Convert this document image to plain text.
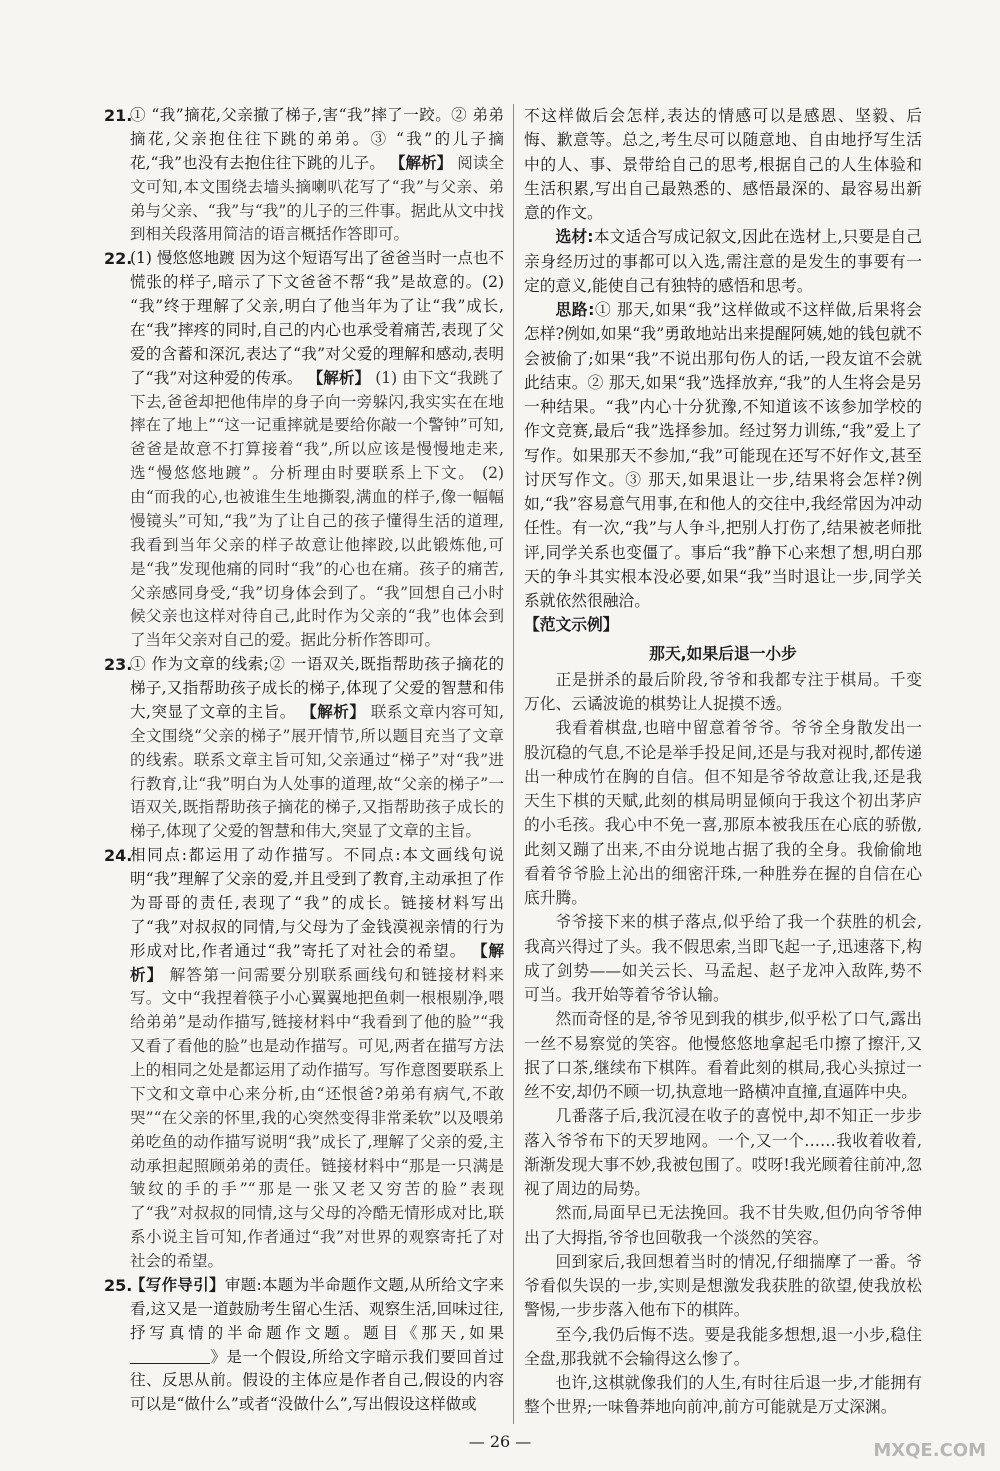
21.
① “我”摘花,父亲撤了梯子,害“我”摔了一跤。② 弟弟摘花,父亲抱住往下跳的弟弟。③ “我”的儿子摘花,“我”也没有去抱住往下跳的儿子。 【解析】 阅读全文可知,本文围绕去墙头摘喇叭花写了“我”与父亲、弟弟与父亲、“我”与“我”的儿子的三件事。据此从文中找到相关段落用简洁的语言概括作答即可。
22.
(1) 慢悠悠地踱 因为这个短语写出了爸爸当时一点也不慌张的样子,暗示了下文爸爸不帮“我”是故意的。(2) “我”终于理解了父亲,明白了他当年为了让“我”成长,在“我”摔疼的同时,自己的内心也承受着痛苦,表现了父爱的含蓄和深沉,表达了“我”对父爱的理解和感动,表明了“我”对这种爱的传承。 【解析】 (1) 由下文“我跳了下去,爸爸却把他伟岸的身子向一旁躲闪,我实实在在地摔在了地上”“这一记重摔就是要给你敲一个警钟”可知,爸爸是故意不打算接着“我”,所以应该是慢慢地走来,选“慢悠悠地踱”。分析理由时要联系上下文。 (2) 由“而我的心,也被谁生生地撕裂,满血的样子,像一幅幅慢镜头”可知,“我”为了让自己的孩子懂得生活的道理,我看到当年父亲的样子故意让他摔跤,以此锻炼他,可是“我”发现他痛的同时“我”的心也在痛。孩子的痛苦,父亲感同身受,“我”切身体会到了。“我”回想自己小时候父亲也这样对待自己,此时作为父亲的“我”也体会到了当年父亲对自己的爱。据此分析作答即可。
23.
① 作为文章的线索;② 一语双关,既指帮助孩子摘花的梯子,又指帮助孩子成长的梯子,体现了父爱的智慧和伟大,突显了文章的主旨。 【解析】 联系文章内容可知,全文围绕“父亲的梯子”展开情节,所以题目充当了文章的线索。联系文章主旨可知,父亲通过“梯子”对“我”进行教育,让“我”明白为人处事的道理,故“父亲的梯子”一语双关,既指帮助孩子摘花的梯子,又指帮助孩子成长的梯子,体现了父爱的智慧和伟大,突显了文章的主旨。
24.
相同点:都运用了动作描写。不同点:本文画线句说明“我”理解了父亲的爱,并且受到了教育,主动承担了作为哥哥的责任,表现了“我”的成长。链接材料写出了“我”对叔叔的同情,与父母为了金钱漠视亲情的行为形成对比,作者通过“我”寄托了对社会的希望。 【解析】 解答第一问需要分别联系画线句和链接材料来写。文中“我捏着筷子小心翼翼地把鱼刺一根根剔净,喂给弟弟”是动作描写,链接材料中“我看到了他的脸”“我又看了看他的脸”也是动作描写。可见,两者在描写方法上的相同之处是都运用了动作描写。写作意图要联系上下文和文章中心来分析,由“还恨爸?弟弟有病气,不敢哭”“在父亲的怀里,我的心突然变得非常柔软”以及喂弟弟吃鱼的动作描写说明“我”成长了,理解了父亲的爱,主动承担起照顾弟弟的责任。链接材料中“那是一只满是皱纹的手的手”“那是一张又老又穷苦的脸”表现了“我”对叔叔的同情,这与父母的冷酷无情形成对比,联系小说主旨可知,作者通过“我”对世界的观察寄托了对社会的希望。
25.
【写作导引】审题:本题为半命题作文题,从所给文字来看,这又是一道鼓励考生留心生活、观察生活,回味过往,抒写真情的半命题作文题。题目《那天,如果》是一个假设,所给文字暗示我们要回首过往、反思从前。假设的主体应是作者自己,假设的内容可以是“做什么”或者“没做什么”,写出假设这样做或

不这样做后会怎样,表达的情感可以是感恩、坚毅、后悔、歉意等。总之,考生尽可以随意地、自由地抒写生活中的人、事、景带给自己的思考,根据自己的人生体验和生活积累,写出自己最熟悉的、感悟最深的、最容易出新意的作文。

选材:本文适合写成记叙文,因此在选材上,只要是自己亲身经历过的事都可以入选,需注意的是发生的事要有一定的意义,能使自己有独特的感悟和思考。

思路:① 那天,如果“我”这样做或不这样做,后果将会怎样?例如,如果“我”勇敢地站出来提醒阿姨,她的钱包就不会被偷了;如果“我”不说出那句伤人的话,一段友谊不会就此结束。② 那天,如果“我”选择放弃,“我”的人生将会是另一种结果。“我”内心十分犹豫,不知道该不该参加学校的作文竞赛,最后“我”选择参加。经过努力训练,“我”爱上了写作。如果那天不参加,“我”可能现在还写不好作文,甚至讨厌写作文。③ 那天,如果退让一步,结果将会怎样?例如,“我”容易意气用事,在和他人的交往中,我经常因为冲动任性。有一次,“我”与人争斗,把别人打伤了,结果被老师批评,同学关系也变僵了。事后“我”静下心来想了想,明白那天的争斗其实根本没必要,如果“我”当时退让一步,同学关系就依然很融洽。

【范文示例】

那天,如果后退一小步

正是拼杀的最后阶段,爷爷和我都专注于棋局。千变万化、云谲波诡的棋势让人捉摸不透。

我看着棋盘,也暗中留意着爷爷。爷爷全身散发出一股沉稳的气息,不论是举手投足间,还是与我对视时,都传递出一种成竹在胸的自信。但不知是爷爷故意让我,还是我天生下棋的天赋,此刻的棋局明显倾向于我这个初出茅庐的小毛孩。我心中不免一喜,那原本被我压在心底的骄傲,此刻又蹦了出来,不由分说地占据了我的全身。我偷偷地看着爷爷脸上沁出的细密汗珠,一种胜券在握的自信在心底升腾。

爷爷接下来的棋子落点,似乎给了我一个获胜的机会,我高兴得过了头。我不假思索,当即飞起一子,迅速落下,构成了剑势——如关云长、马孟起、赵子龙冲入敌阵,势不可当。我开始等着爷爷认输。

然而奇怪的是,爷爷见到我的棋步,似乎松了口气,露出一丝不易察觉的笑容。他慢悠悠地拿起毛巾擦了擦汗,又抿了口茶,继续布下棋阵。看着此刻的棋局,我心头掠过一丝不安,却仍不顾一切,执意地一路横冲直撞,直逼阵中央。

几番落子后,我沉浸在收子的喜悦中,却不知正一步步落入爷爷布下的天罗地网。一个,又一个……我收着收着,渐渐发现大事不妙,我被包围了。哎呀!我光顾着往前冲,忽视了周边的局势。

然而,局面早已无法挽回。我不甘失败,但仍向爷爷伸出了大拇指,爷爷也回敬我一个淡然的笑容。

回到家后,我回想着当时的情况,仔细揣摩了一番。爷爷看似失误的一步,实则是想激发我获胜的欲望,使我放松警惕,一步步落入他布下的棋阵。

至今,我仍后悔不迭。要是我能多想想,退一小步,稳住全盘,那我就不会输得这么惨了。

也许,这棋就像我们的人生,有时往后退一步,才能拥有整个世界;一味鲁莽地向前冲,前方可能就是万丈深渊。

— 26 —	MXQE.COM
